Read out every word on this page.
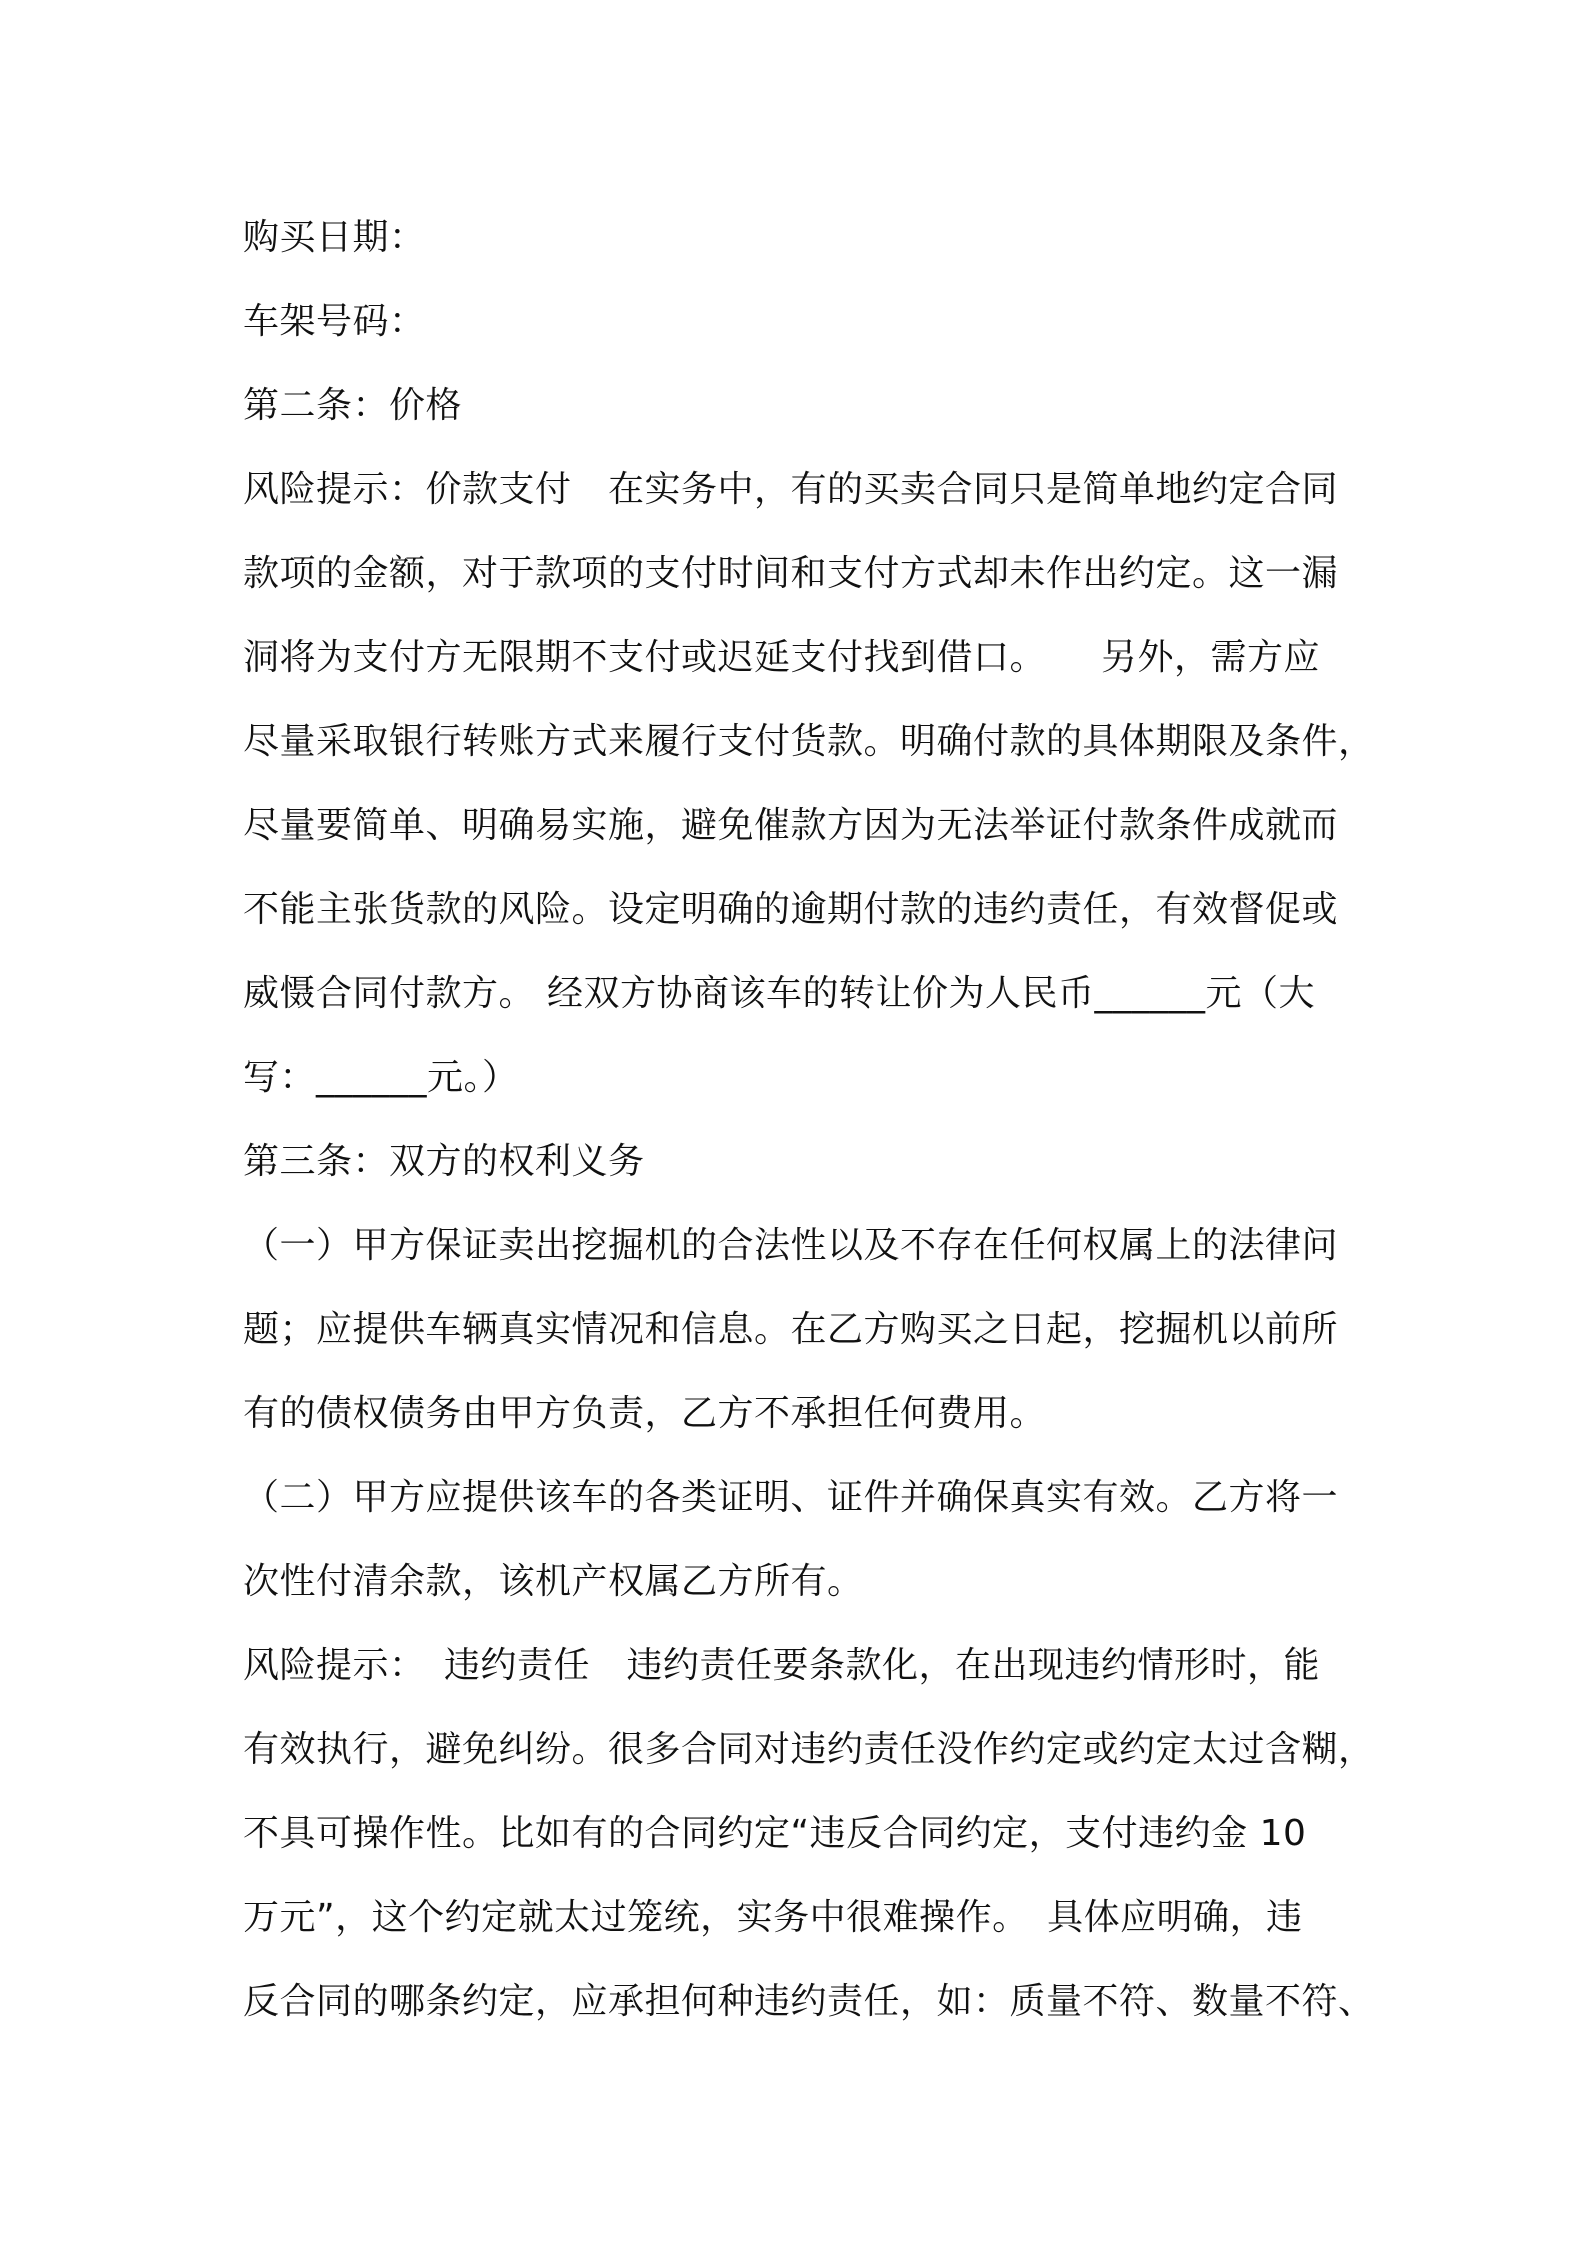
购买日期：
车架号码：
第二条：价格
风险提示：价款支付　在实务中，有的买卖合同只是简单地约定合同
款项的金额，对于款项的支付时间和支付方式却未作出约定。这一漏
洞将为支付方无限期不支付或迟延支付找到借口。　　另外，需方应
尽量采取银行转账方式来履行支付货款。明确付款的具体期限及条件，
尽量要简单、明确易实施，避免催款方因为无法举证付款条件成就而
不能主张货款的风险。设定明确的逾期付款的违约责任，有效督促或
威慑合同付款方。 经双方协商该车的转让价为人民币______元（大
写：______元。）
第三条：双方的权利义务
（一）甲方保证卖出挖掘机的合法性以及不存在任何权属上的法律问
题；应提供车辆真实情况和信息。在乙方购买之日起，挖掘机以前所
有的债权债务由甲方负责，乙方不承担任何费用。
（二）甲方应提供该车的各类证明、证件并确保真实有效。乙方将一
次性付清余款，该机产权属乙方所有。
风险提示：　违约责任　违约责任要条款化，在出现违约情形时，能
有效执行，避免纠纷。很多合同对违约责任没作约定或约定太过含糊，
不具可操作性。比如有的合同约定“违反合同约定，支付违约金 10
万元”，这个约定就太过笼统，实务中很难操作。　具体应明确，违
反合同的哪条约定，应承担何种违约责任，如：质量不符、数量不符、
